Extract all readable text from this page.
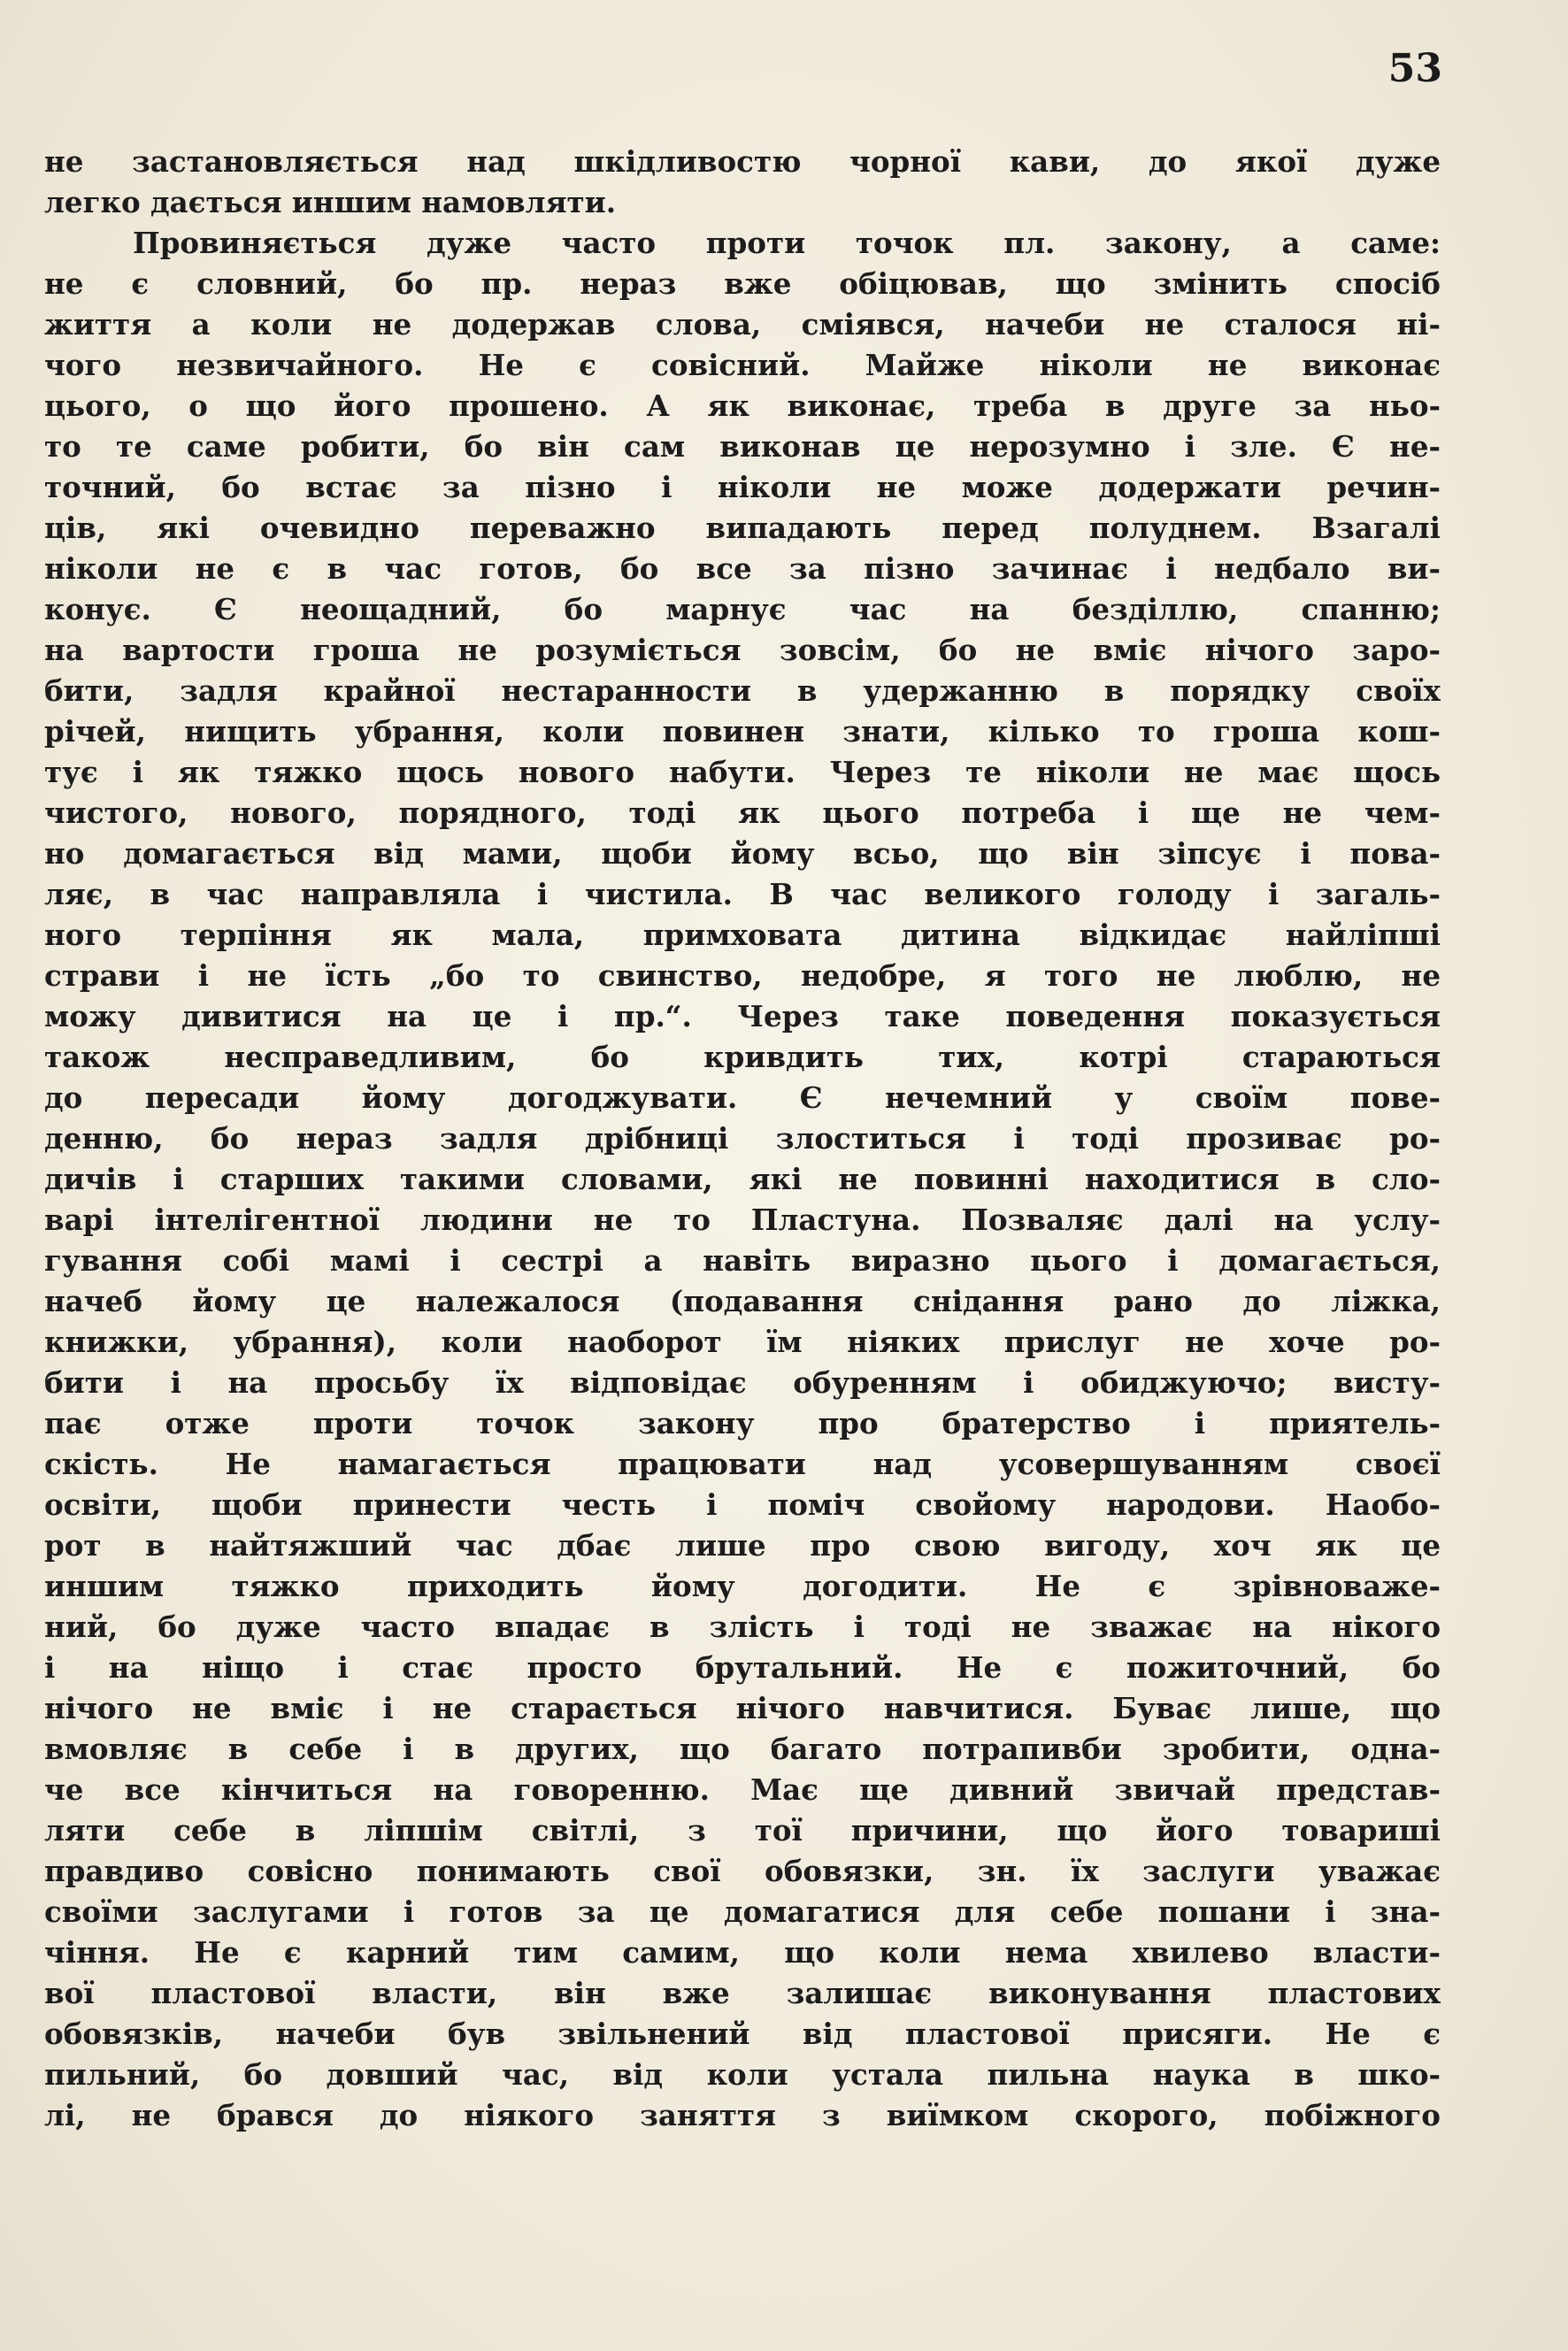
53
не застановляється над шкідливостю чорної кави, до якої дуже
легко дається иншим намовляти.
Провиняється дуже часто проти точок пл. закону, а саме:
не є словний, бо пр. нераз вже обіцював, що змінить спосіб
життя а коли не додержав слова, сміявся, начеби не сталося ні-
чого незвичайного. Не є совісний. Майже ніколи не виконає
цього, о що його прошено. А як виконає, треба в друге за ньо-
то те саме робити, бо він сам виконав це нерозумно і зле. Є не-
точний, бо встає за пізно і ніколи не може додержати речин-
ців, які очевидно переважно випадають перед полуднем. Взагалі
ніколи не є в час готов, бо все за пізно зачинає і недбало ви-
конує. Є неощадний, бо марнує час на безділлю, спанню;
на вартости гроша не розуміється зовсім, бо не вміє нічого заро-
бити, задля крайної нестаранности в удержанню в порядку своїх
річей, нищить убрання, коли повинен знати, кілько то гроша кош-
тує і як тяжко щось нового набути. Через те ніколи не має щось
чистого, нового, порядного, тоді як цього потреба і ще не чем-
но домагається від мами, щоби йому всьо, що він зіпсує і пова-
ляє, в час направляла і чистила. В час великого голоду і загаль-
ного терпіння як мала, примховата дитина відкидає найліпші
страви і не їсть „бо то свинство, недобре, я того не люблю, не
можу дивитися на це і пр.“. Через таке поведення показується
також несправедливим, бо кривдить тих, котрі стараються
до пересади йому догоджувати. Є нечемний у своїм пове-
денню, бо нераз задля дрібниці злоститься і тоді прозиває ро-
дичів і старших такими словами, які не повинні находитися в сло-
варі інтелігентної людини не то Пластуна. Позваляє далі на услу-
гування собі мамі і сестрі а навіть виразно цього і домагається,
начеб йому це належалося (подавання снідання рано до ліжка,
книжки, убрання), коли наоборот їм ніяких прислуг не хоче ро-
бити і на просьбу їх відповідає обуренням і обиджуючо; висту-
пає отже проти точок закону про братерство і приятель-
скість. Не намагається працювати над усовершуванням своєї
освіти, щоби принести честь і поміч свойому народови. Наобо-
рот в найтяжший час дбає лише про свою вигоду, хоч як це
иншим тяжко приходить йому догодити. Не є зрівноваже-
ний, бо дуже часто впадає в злість і тоді не зважає на нікого
і на ніщо і стає просто брутальний. Не є пожиточний, бо
нічого не вміє і не старається нічого навчитися. Буває лише, що
вмовляє в себе і в других, що багато потрапивби зробити, одна-
че все кінчиться на говоренню. Має ще дивний звичай представ-
ляти себе в ліпшім світлі, з тої причини, що його товариші
правдиво совісно понимають свої обовязки, зн. їх заслуги уважає
своїми заслугами і готов за це домагатися для себе пошани і зна-
чіння. Не є карний тим самим, що коли нема хвилево власти-
вої пластової власти, він вже залишає виконування пластових
обовязків, начеби був звільнений від пластової присяги. Не є
пильний, бо довший час, від коли устала пильна наука в шко-
лі, не брався до ніякого заняття з виїмком скорого, побіжного
